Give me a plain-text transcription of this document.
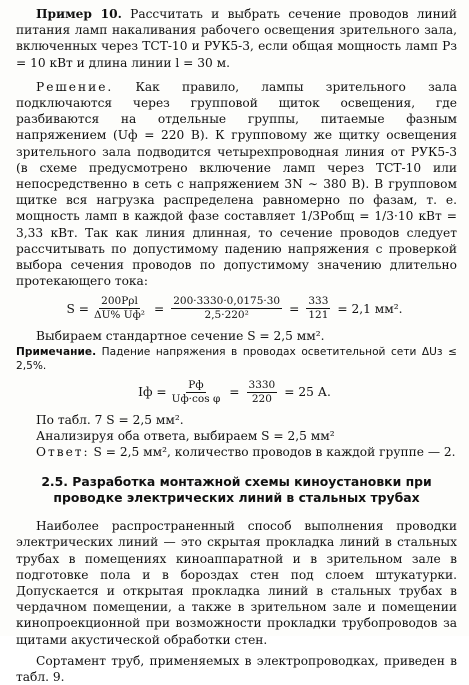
Пример 10. Рассчитать и выбрать сечение проводов линий питания ламп накаливания рабочего освещения зрительного зала, включенных через ТСТ-10 и РУК5-3, если общая мощность ламп Pз = 10 кВт и длина линии l = 30 м.

Решение. Как правило, лампы зрительного зала подключаются через групповой щиток освещения, где разбиваются на отдельные группы, питаемые фазным напряжением (Uф = 220 В). К групповому же щитку освещения зрительного зала подводится четырехпроводная линия от РУК5-3 (в схеме предусмотрено включение ламп через ТСТ-10 или непосредственно в сеть с напряжением 3N ∼ 380 В). В групповом щитке вся нагрузка распределена равномерно по фазам, т. е. мощность ламп в каждой фазе составляет 1/3Pобщ = 1/3·10 кВт = 3,33 кВт. Так как линия длинная, то сечение проводов следует рассчитывать по допустимому падению напряжения с проверкой выбора сечения проводов по допустимому значению длительно протекающего тока:

$S = \frac{\text{200Pρl}}{\text{ΔU\% Uф²}} = \frac{200\cdot 3330\cdot 0,0175\cdot 30}{\text{2,5·220²}} = \frac{333}{121} = 2,1$ мм².

Выбираем стандартное сечение S = 2,5 мм².

Примечание. Падение напряжения в проводах осветительной сети ΔUз ≤ 2,5%.

Iф = $\frac{Pф}{\text{Uф·cos φ}} = \frac{3330}{220} = 25$ А.

По табл. 7 S = 2,5 мм².

Анализируя оба ответа, выбираем S = 2,5 мм²

Ответ: S = 2,5 мм², количество проводов в каждой группе — 2.

2.5. Разработка монтажной схемы киноустановки при проводке электрических линий в стальных трубах

Наиболее распространенный способ выполнения проводки электрических линий — это скрытая прокладка линий в стальных трубах в помещениях киноаппаратной и в зрительном зале в подготовке пола и в бороздах стен под слоем штукатурки. Допускается и открытая прокладка линий в стальных трубах в чердачном помещении, а также в зрительном зале и помещении кинопроекционной при возможности прокладки трубопроводов за щитами акустической обработки стен.

Сортамент труб, применяемых в электропроводках, приведен в табл. 9.
